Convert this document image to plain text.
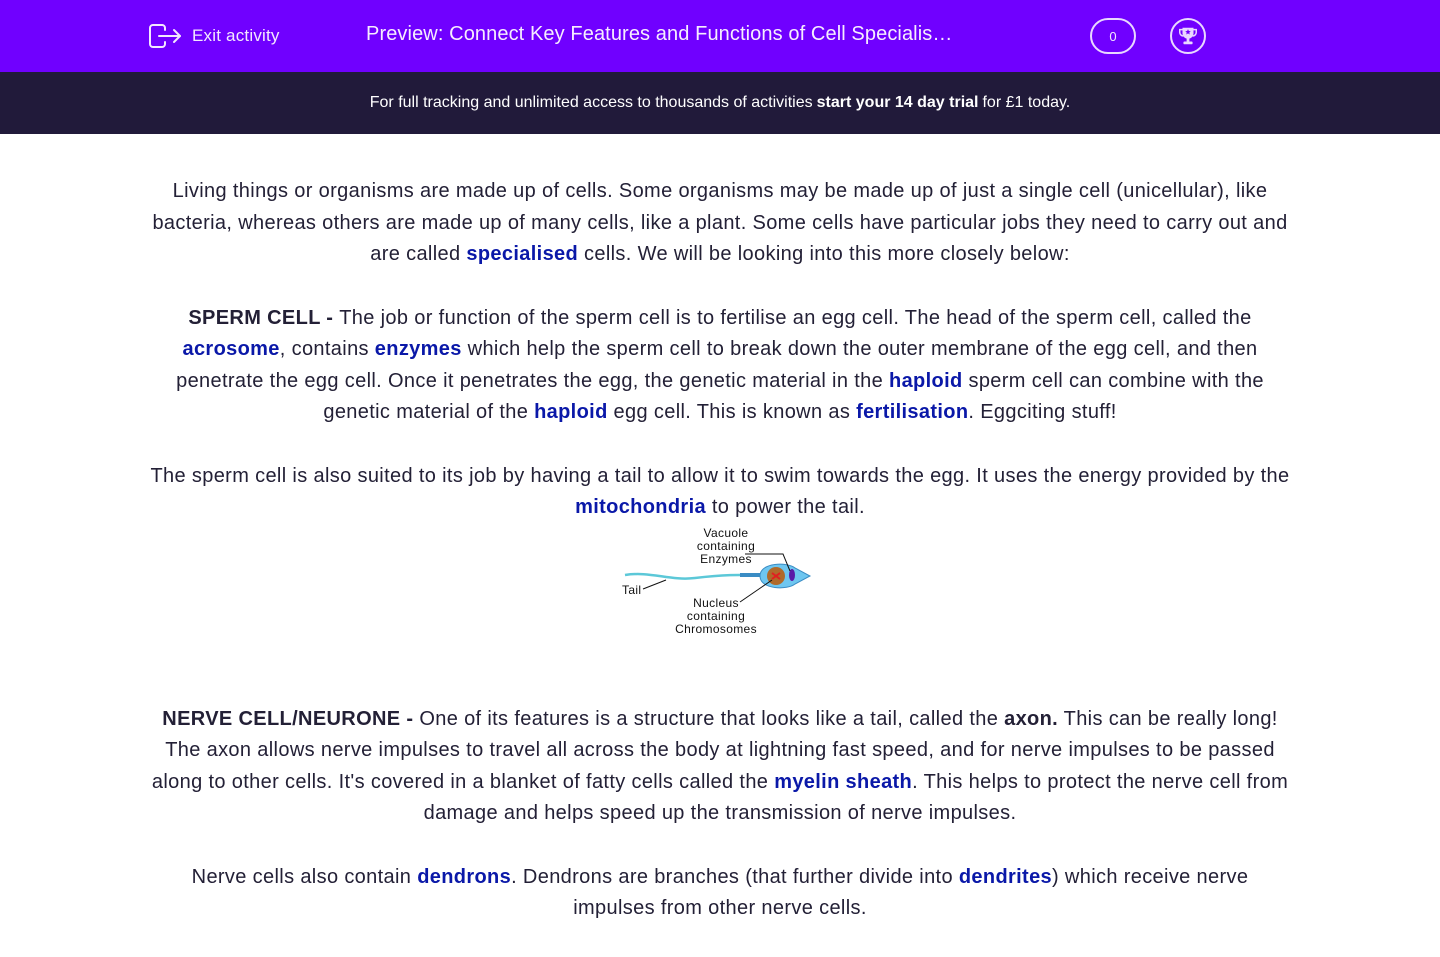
Exit activity	Preview: Connect Key Features and Functions of Cell Specialis…	0
For full tracking and unlimited access to thousands of activities start your 14 day trial for £1 today.

Living things or organisms are made up of cells. Some organisms may be made up of just a single cell (unicellular), like bacteria, whereas others are made up of many cells, like a plant. Some cells have particular jobs they need to carry out and are called specialised cells. We will be looking into this more closely below:

SPERM CELL - The job or function of the sperm cell is to fertilise an egg cell. The head of the sperm cell, called the acrosome, contains enzymes which help the sperm cell to break down the outer membrane of the egg cell, and then penetrate the egg cell. Once it penetrates the egg, the genetic material in the haploid sperm cell can combine with the genetic material of the haploid egg cell. This is known as fertilisation. Eggciting stuff!

The sperm cell is also suited to its job by having a tail to allow it to swim towards the egg. It uses the energy provided by the mitochondria to power the tail.

Vacuole
containing
Enzymes
Tail
Nucleus
containing
Chromosomes

NERVE CELL/NEURONE - One of its features is a structure that looks like a tail, called the axon. This can be really long! The axon allows nerve impulses to travel all across the body at lightning fast speed, and for nerve impulses to be passed along to other cells. It's covered in a blanket of fatty cells called the myelin sheath. This helps to protect the nerve cell from damage and helps speed up the transmission of nerve impulses.

Nerve cells also contain dendrons. Dendrons are branches (that further divide into dendrites) which receive nerve impulses from other nerve cells.
